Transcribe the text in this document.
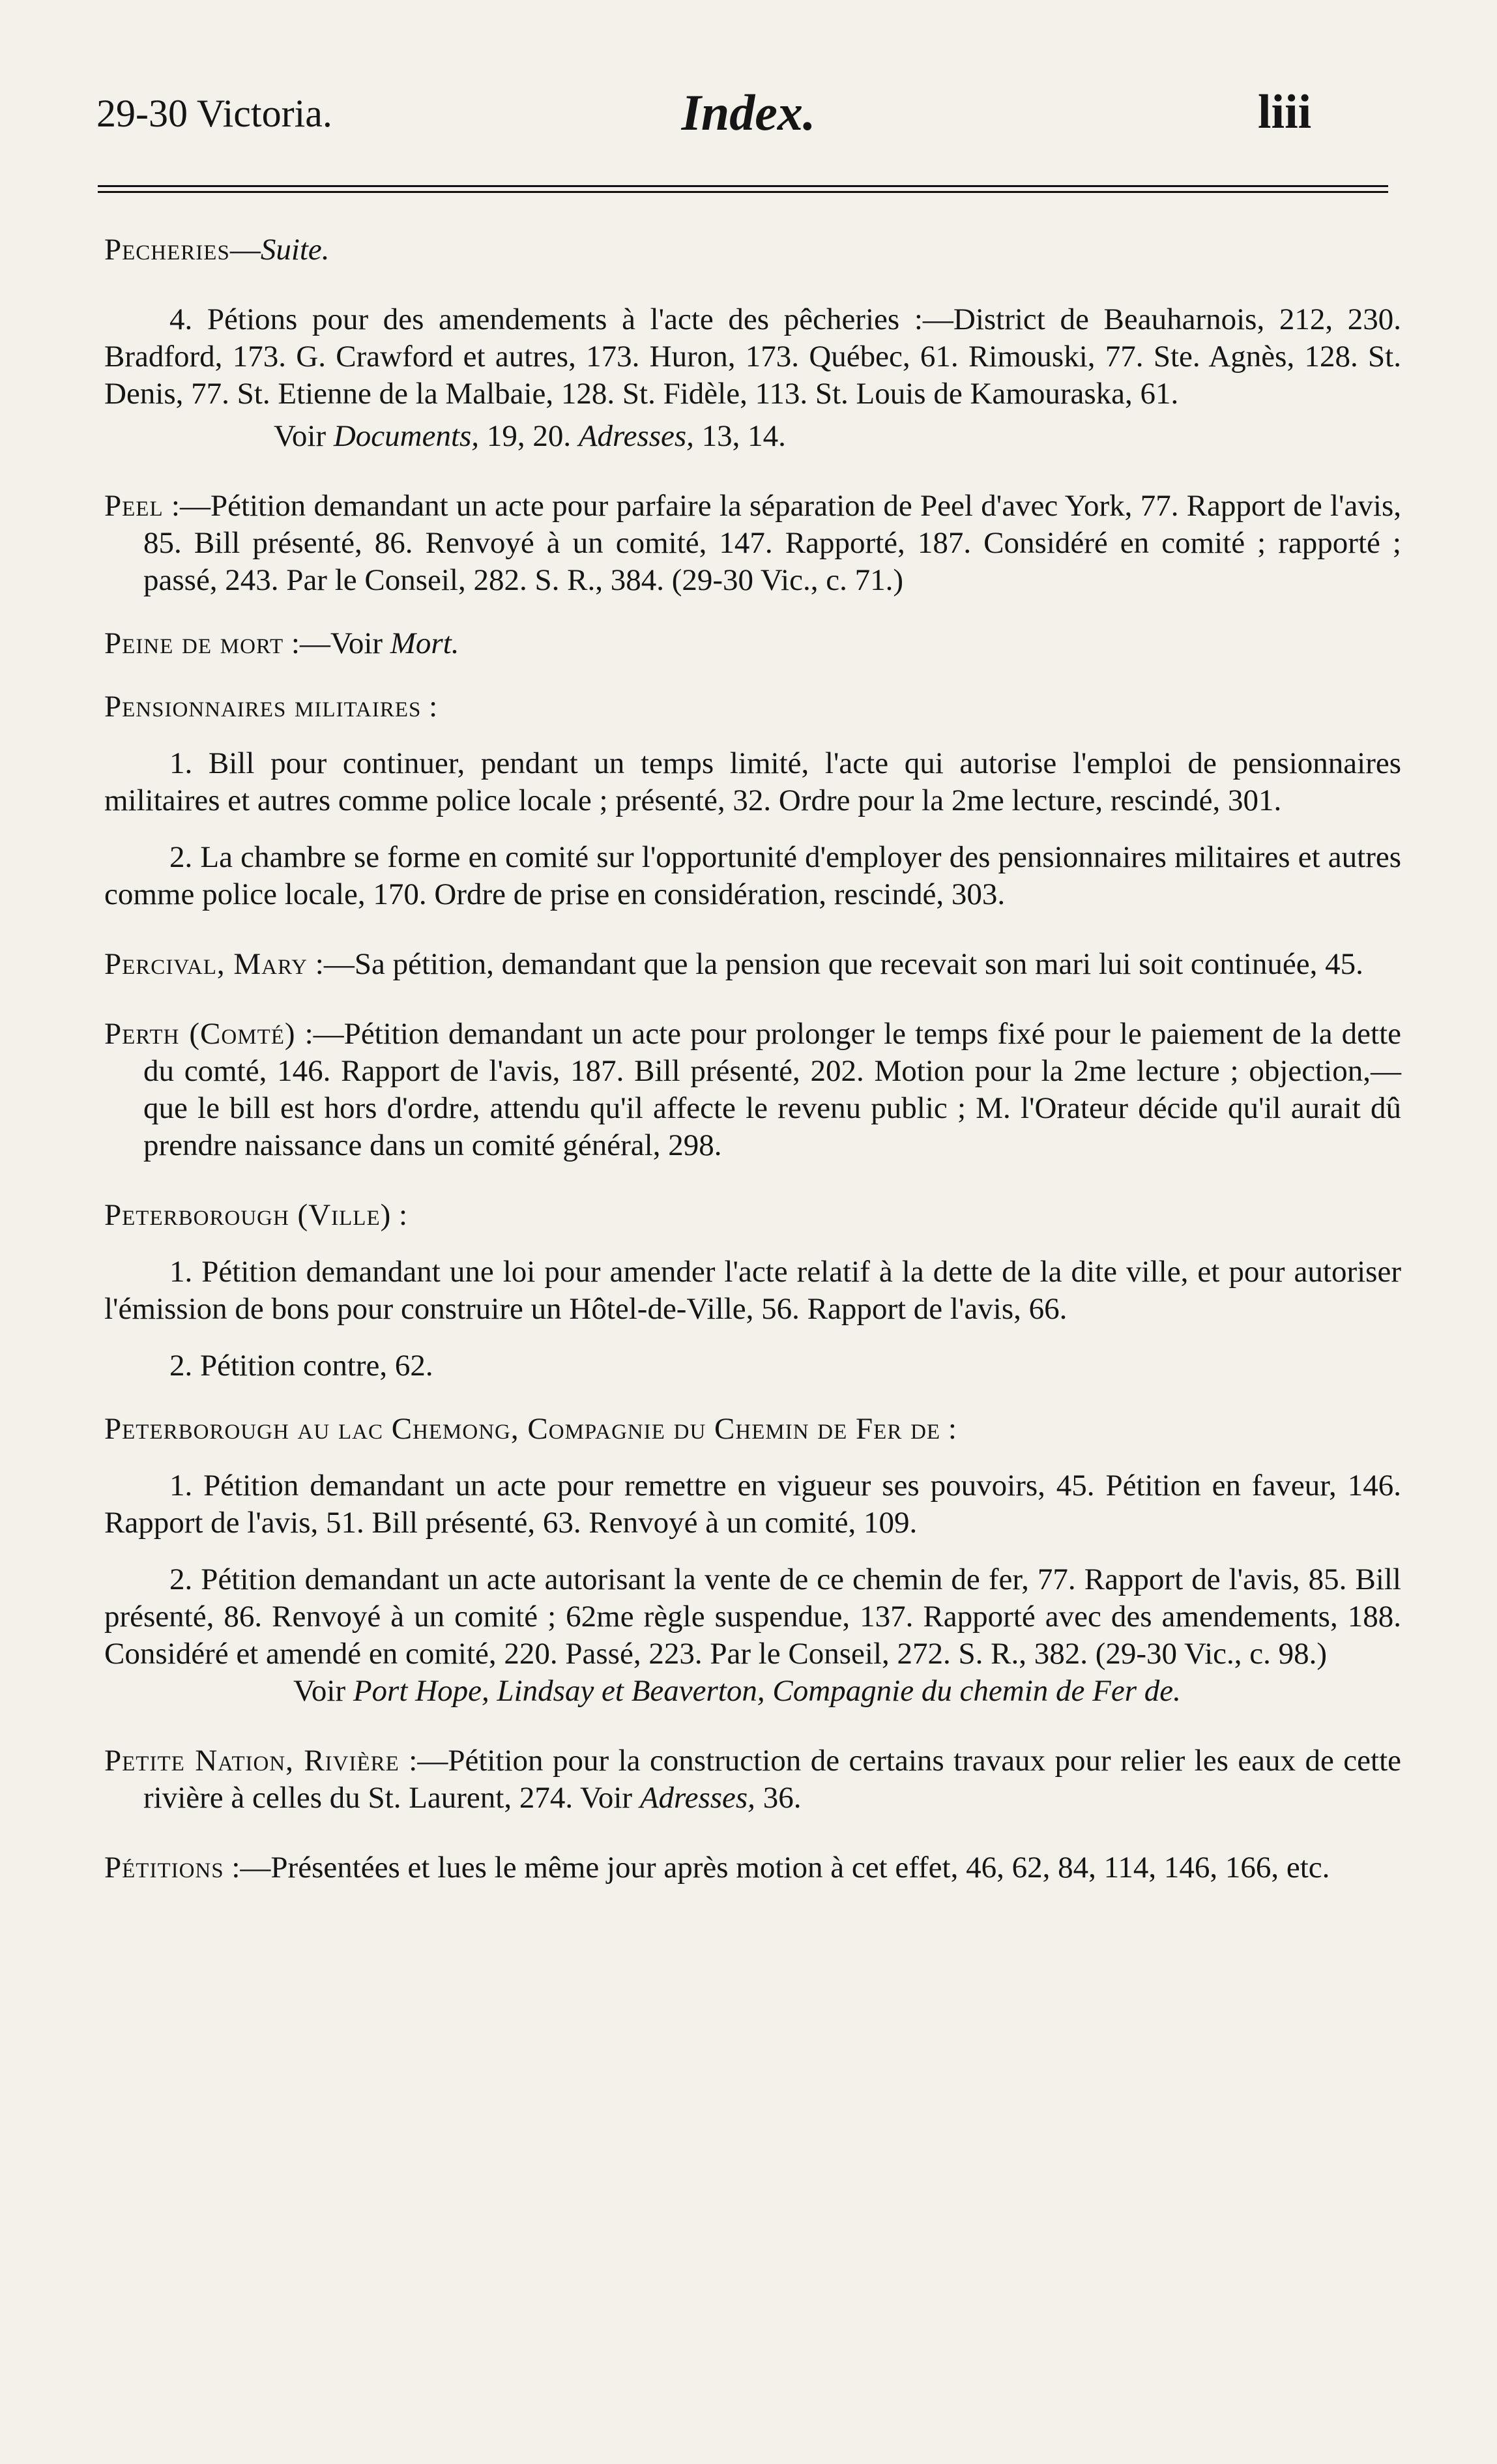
29-30 Victoria.	Index.	liii

Pecheries—Suite.

4. Pétions pour des amendements à l'acte des pêcheries :—District de Beauharnois, 212, 230. Bradford, 173. G. Crawford et autres, 173. Huron, 173. Québec, 61. Rimouski, 77. Ste. Agnès, 128. St. Denis, 77. St. Etienne de la Malbaie, 128. St. Fidèle, 113. St. Louis de Kamouraska, 61.

Voir Documents, 19, 20. Adresses, 13, 14.

Peel :—Pétition demandant un acte pour parfaire la séparation de Peel d'avec York, 77. Rapport de l'avis, 85. Bill présenté, 86. Renvoyé à un comité, 147. Rapporté, 187. Considéré en comité ; rapporté ; passé, 243. Par le Conseil, 282. S. R., 384. (29-30 Vic., c. 71.)

Peine de mort :—Voir Mort.

Pensionnaires militaires :

1. Bill pour continuer, pendant un temps limité, l'acte qui autorise l'emploi de pensionnaires militaires et autres comme police locale ; présenté, 32. Ordre pour la 2me lecture, rescindé, 301.

2. La chambre se forme en comité sur l'opportunité d'employer des pensionnaires militaires et autres comme police locale, 170. Ordre de prise en considération, rescindé, 303.

Percival, Mary :—Sa pétition, demandant que la pension que recevait son mari lui soit continuée, 45.

Perth (Comté) :—Pétition demandant un acte pour prolonger le temps fixé pour le paiement de la dette du comté, 146. Rapport de l'avis, 187. Bill présenté, 202. Motion pour la 2me lecture ; objection,—que le bill est hors d'ordre, attendu qu'il affecte le revenu public ; M. l'Orateur décide qu'il aurait dû prendre naissance dans un comité général, 298.

Peterborough (Ville) :

1. Pétition demandant une loi pour amender l'acte relatif à la dette de la dite ville, et pour autoriser l'émission de bons pour construire un Hôtel-de-Ville, 56. Rapport de l'avis, 66.

2. Pétition contre, 62.

Peterborough au lac Chemong, Compagnie du Chemin de Fer de :

1. Pétition demandant un acte pour remettre en vigueur ses pouvoirs, 45. Pétition en faveur, 146. Rapport de l'avis, 51. Bill présenté, 63. Renvoyé à un comité, 109.

2. Pétition demandant un acte autorisant la vente de ce chemin de fer, 77. Rapport de l'avis, 85. Bill présenté, 86. Renvoyé à un comité ; 62me règle suspendue, 137. Rapporté avec des amendements, 188. Considéré et amendé en comité, 220. Passé, 223. Par le Conseil, 272. S. R., 382. (29-30 Vic., c. 98.)

Voir Port Hope, Lindsay et Beaverton, Compagnie du chemin de Fer de.

Petite Nation, Rivière :—Pétition pour la construction de certains travaux pour relier les eaux de cette rivière à celles du St. Laurent, 274. Voir Adresses, 36.

Pétitions :—Présentées et lues le même jour après motion à cet effet, 46, 62, 84, 114, 146, 166, etc.
